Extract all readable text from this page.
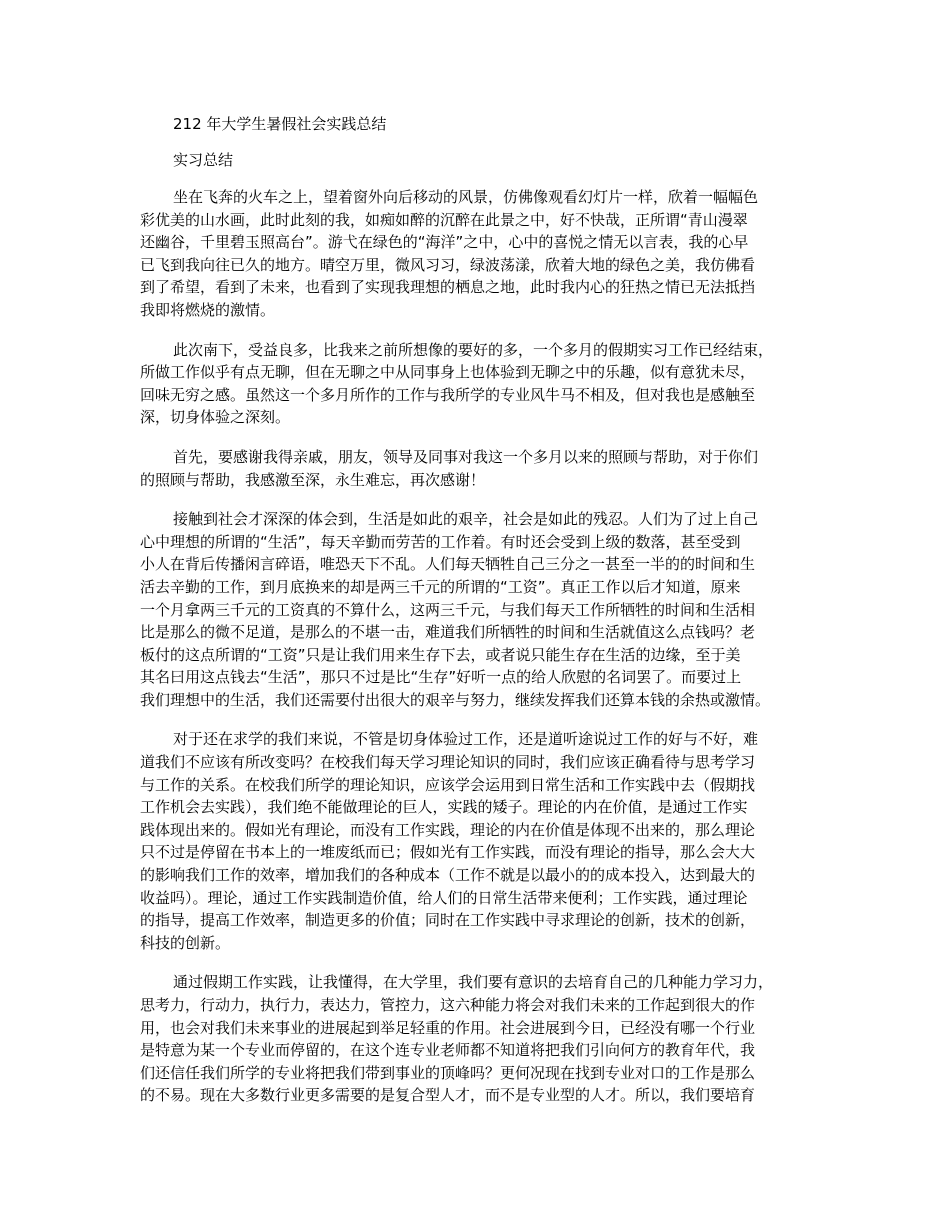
212 年大学生暑假社会实践总结
实习总结
坐在飞奔的火车之上，望着窗外向后移动的风景，仿佛像观看幻灯片一样，欣着一幅幅色
彩优美的山水画，此时此刻的我，如痴如醉的沉醉在此景之中，好不快哉，正所谓“青山漫翠
还幽谷，千里碧玉照高台”。游弋在绿色的“海洋”之中，心中的喜悦之情无以言表，我的心早
已飞到我向往已久的地方。晴空万里，微风习习，绿波荡漾，欣着大地的绿色之美，我仿佛看
到了希望，看到了未来，也看到了实现我理想的栖息之地，此时我内心的狂热之情已无法抵挡
我即将燃烧的激情。
此次南下，受益良多，比我来之前所想像的要好的多，一个多月的假期实习工作已经结束，
所做工作似乎有点无聊，但在无聊之中从同事身上也体验到无聊之中的乐趣，似有意犹未尽，
回味无穷之感。虽然这一个多月所作的工作与我所学的专业风牛马不相及，但对我也是感触至
深，切身体验之深刻。
首先，要感谢我得亲戚，朋友，领导及同事对我这一个多月以来的照顾与帮助，对于你们
的照顾与帮助，我感激至深，永生难忘，再次感谢！
接触到社会才深深的体会到，生活是如此的艰辛，社会是如此的残忍。人们为了过上自己
心中理想的所谓的“生活”，每天辛勤而劳苦的工作着。有时还会受到上级的数落，甚至受到
小人在背后传播闲言碎语，唯恐天下不乱。人们每天牺牲自己三分之一甚至一半的的时间和生
活去辛勤的工作，到月底换来的却是两三千元的所谓的“工资”。真正工作以后才知道，原来
一个月拿两三千元的工资真的不算什么，这两三千元，与我们每天工作所牺牲的时间和生活相
比是那么的微不足道，是那么的不堪一击，难道我们所牺牲的时间和生活就值这么点钱吗？老
板付的这点所谓的“工资”只是让我们用来生存下去，或者说只能生存在生活的边缘，至于美
其名曰用这点钱去“生活”，那只不过是比“生存”好听一点的给人欣慰的名词罢了。而要过上
我们理想中的生活，我们还需要付出很大的艰辛与努力，继续发挥我们还算本钱的余热或激情。
对于还在求学的我们来说，不管是切身体验过工作，还是道听途说过工作的好与不好，难
道我们不应该有所改变吗？在校我们每天学习理论知识的同时，我们应该正确看待与思考学习
与工作的关系。在校我们所学的理论知识，应该学会运用到日常生活和工作实践中去（假期找
工作机会去实践），我们绝不能做理论的巨人，实践的矮子。理论的内在价值，是通过工作实
践体现出来的。假如光有理论，而没有工作实践，理论的内在价值是体现不出来的，那么理论
只不过是停留在书本上的一堆废纸而已；假如光有工作实践，而没有理论的指导，那么会大大
的影响我们工作的效率，增加我们的各种成本（工作不就是以最小的的成本投入，达到最大的
收益吗）。理论，通过工作实践制造价值，给人们的日常生活带来便利；工作实践，通过理论
的指导，提高工作效率，制造更多的价值；同时在工作实践中寻求理论的创新，技术的创新，
科技的创新。
通过假期工作实践，让我懂得，在大学里，我们要有意识的去培育自己的几种能力学习力，
思考力，行动力，执行力，表达力，管控力，这六种能力将会对我们未来的工作起到很大的作
用，也会对我们未来事业的进展起到举足轻重的作用。社会进展到今日，已经没有哪一个行业
是特意为某一个专业而停留的，在这个连专业老师都不知道将把我们引向何方的教育年代，我
们还信任我们所学的专业将把我们带到事业的顶峰吗？更何况现在找到专业对口的工作是那么
的不易。现在大多数行业更多需要的是复合型人才，而不是专业型的人才。所以，我们要培育
